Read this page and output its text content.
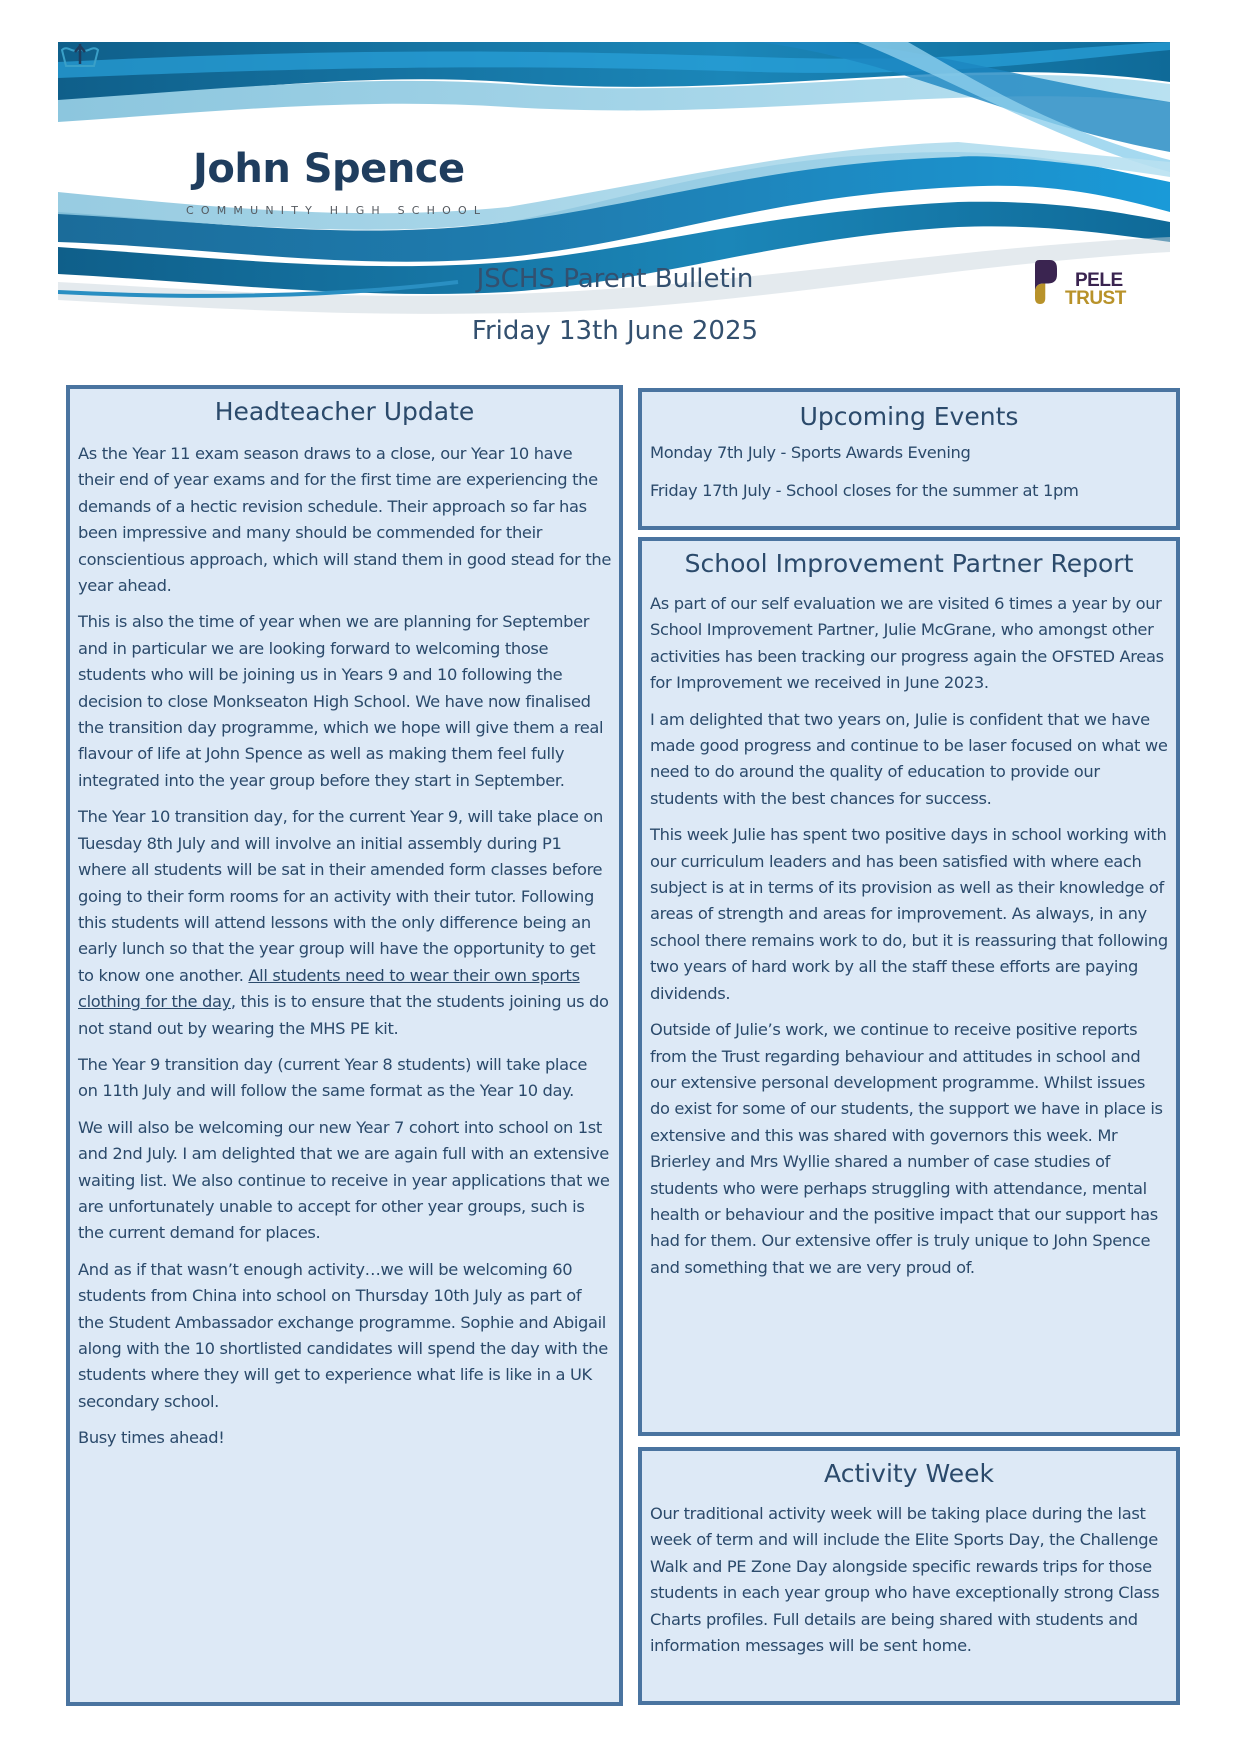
John Spence
COMMUNITY HIGH SCHOOL
JSCHS Parent Bulletin
Friday 13th June 2025
PELE
TRUST
Headteacher Update

As the Year 11 exam season draws to a close, our Year 10 have their end of year exams and for the first time are experiencing the demands of a hectic revision schedule. Their approach so far has been impressive and many should be commended for their conscientious approach, which will stand them in good stead for the year ahead.

This is also the time of year when we are planning for September and in particular we are looking forward to welcoming those students who will be joining us in Years 9 and 10 following the decision to close Monkseaton High School. We have now finalised the transition day programme, which we hope will give them a real flavour of life at John Spence as well as making them feel fully integrated into the year group before they start in September.

The Year 10 transition day, for the current Year 9, will take place on Tuesday 8th July and will involve an initial assembly during P1 where all students will be sat in their amended form classes before going to their form rooms for an activity with their tutor. Following this students will attend lessons with the only difference being an early lunch so that the year group will have the opportunity to get to know one another. All students need to wear their own sports clothing for the day, this is to ensure that the students joining us do not stand out by wearing the MHS PE kit.

The Year 9 transition day (current Year 8 students) will take place on 11th July and will follow the same format as the Year 10 day.

We will also be welcoming our new Year 7 cohort into school on 1st and 2nd July. I am delighted that we are again full with an extensive waiting list. We also continue to receive in year applications that we are unfortunately unable to accept for other year groups, such is the current demand for places.

And as if that wasn’t enough activity…we will be welcoming 60 students from China into school on Thursday 10th July as part of the Student Ambassador exchange programme. Sophie and Abigail along with the 10 shortlisted candidates will spend the day with the students where they will get to experience what life is like in a UK secondary school.

Busy times ahead!

Upcoming Events

Monday 7th July - Sports Awards Evening

Friday 17th July - School closes for the summer at 1pm

School Improvement Partner Report

As part of our self evaluation we are visited 6 times a year by our School Improvement Partner, Julie McGrane, who amongst other activities has been tracking our progress again the OFSTED Areas for Improvement we received in June 2023.

I am delighted that two years on, Julie is confident that we have made good progress and continue to be laser focused on what we need to do around the quality of education to provide our students with the best chances for success.

This week Julie has spent two positive days in school working with our curriculum leaders and has been satisfied with where each subject is at in terms of its provision as well as their knowledge of areas of strength and areas for improvement. As always, in any school there remains work to do, but it is reassuring that following two years of hard work by all the staff these efforts are paying dividends.

Outside of Julie’s work, we continue to receive positive reports from the Trust regarding behaviour and attitudes in school and our extensive personal development programme. Whilst issues do exist for some of our students, the support we have in place is extensive and this was shared with governors this week. Mr Brierley and Mrs Wyllie shared a number of case studies of students who were perhaps struggling with attendance, mental health or behaviour and the positive impact that our support has had for them. Our extensive offer is truly unique to John Spence and something that we are very proud of.

Activity Week

Our traditional activity week will be taking place during the last week of term and will include the Elite Sports Day, the Challenge Walk and PE Zone Day alongside specific rewards trips for those students in each year group who have exceptionally strong Class Charts profiles. Full details are being shared with students and information messages will be sent home.
